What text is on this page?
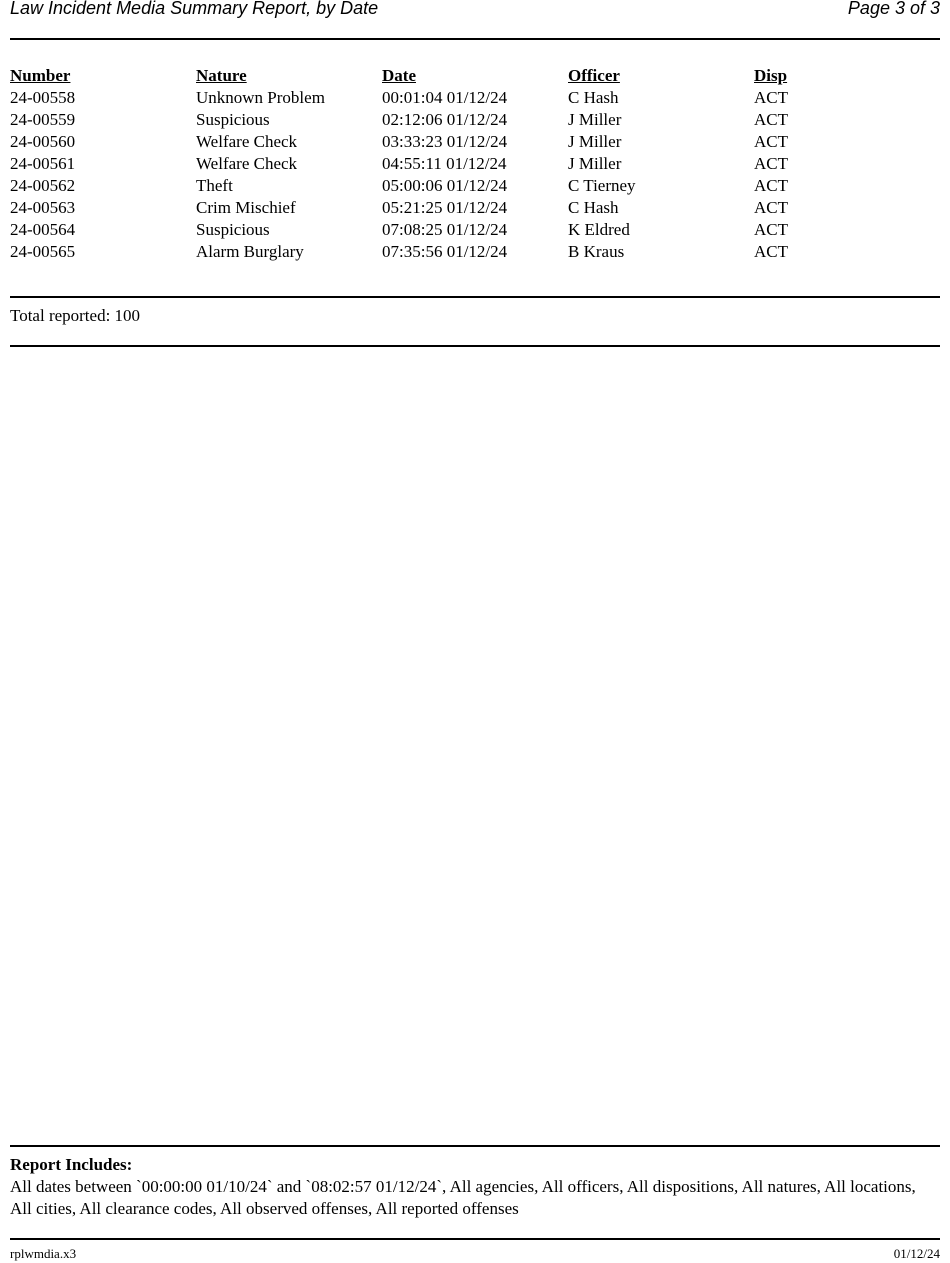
Law Incident Media Summary Report, by Date	Page 3 of 3
Number	Nature	Date	Officer	Disp
24-00558	Unknown Problem	00:01:04 01/12/24	C Hash	ACT
24-00559	Suspicious	02:12:06 01/12/24	J Miller	ACT
24-00560	Welfare Check	03:33:23 01/12/24	J Miller	ACT
24-00561	Welfare Check	04:55:11 01/12/24	J Miller	ACT
24-00562	Theft	05:00:06 01/12/24	C Tierney	ACT
24-00563	Crim Mischief	05:21:25 01/12/24	C Hash	ACT
24-00564	Suspicious	07:08:25 01/12/24	K Eldred	ACT
24-00565	Alarm Burglary	07:35:56 01/12/24	B Kraus	ACT
Total reported: 100
Report Includes:
All dates between `00:00:00 01/10/24` and `08:02:57 01/12/24`, All agencies, All officers, All dispositions, All natures, All locations, All cities, All clearance codes, All observed offenses, All reported offenses
rplwmdia.x3	01/12/24
